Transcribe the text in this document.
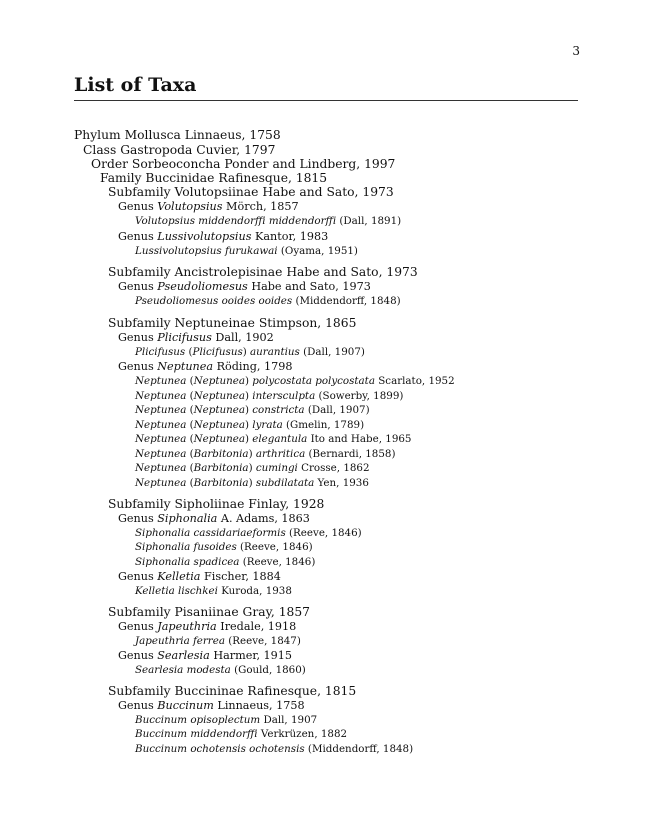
3
List of Taxa
Phylum Mollusca Linnaeus, 1758
Class Gastropoda Cuvier, 1797
Order Sorbeoconcha Ponder and Lindberg, 1997
Family Buccinidae Rafinesque, 1815
Subfamily Volutopsiinae Habe and Sato, 1973
Genus Volutopsius Mörch, 1857
Volutopsius middendorffi middendorffi (Dall, 1891)
Genus Lussivolutopsius Kantor, 1983
Lussivolutopsius furukawai (Oyama, 1951)
Subfamily Ancistrolepisinae Habe and Sato, 1973
Genus Pseudoliomesus Habe and Sato, 1973
Pseudoliomesus ooides ooides (Middendorff, 1848)
Subfamily Neptuneinae Stimpson, 1865
Genus Plicifusus Dall, 1902
Plicifusus (Plicifusus) aurantius (Dall, 1907)
Genus Neptunea Röding, 1798
Neptunea (Neptunea) polycostata polycostata Scarlato, 1952
Neptunea (Neptunea) intersculpta (Sowerby, 1899)
Neptunea (Neptunea) constricta (Dall, 1907)
Neptunea (Neptunea) lyrata (Gmelin, 1789)
Neptunea (Neptunea) elegantula Ito and Habe, 1965
Neptunea (Barbitonia) arthritica (Bernardi, 1858)
Neptunea (Barbitonia) cumingi Crosse, 1862
Neptunea (Barbitonia) subdilatata Yen, 1936
Subfamily Sipholiinae Finlay, 1928
Genus Siphonalia A. Adams, 1863
Siphonalia cassidariaeformis (Reeve, 1846)
Siphonalia fusoides (Reeve, 1846)
Siphonalia spadicea (Reeve, 1846)
Genus Kelletia Fischer, 1884
Kelletia lischkei Kuroda, 1938
Subfamily Pisaniinae Gray, 1857
Genus Japeuthria Iredale, 1918
Japeuthria ferrea (Reeve, 1847)
Genus Searlesia Harmer, 1915
Searlesia modesta (Gould, 1860)
Subfamily Buccininae Rafinesque, 1815
Genus Buccinum Linnaeus, 1758
Buccinum opisoplectum Dall, 1907
Buccinum middendorffi Verkrüzen, 1882
Buccinum ochotensis ochotensis (Middendorff, 1848)
